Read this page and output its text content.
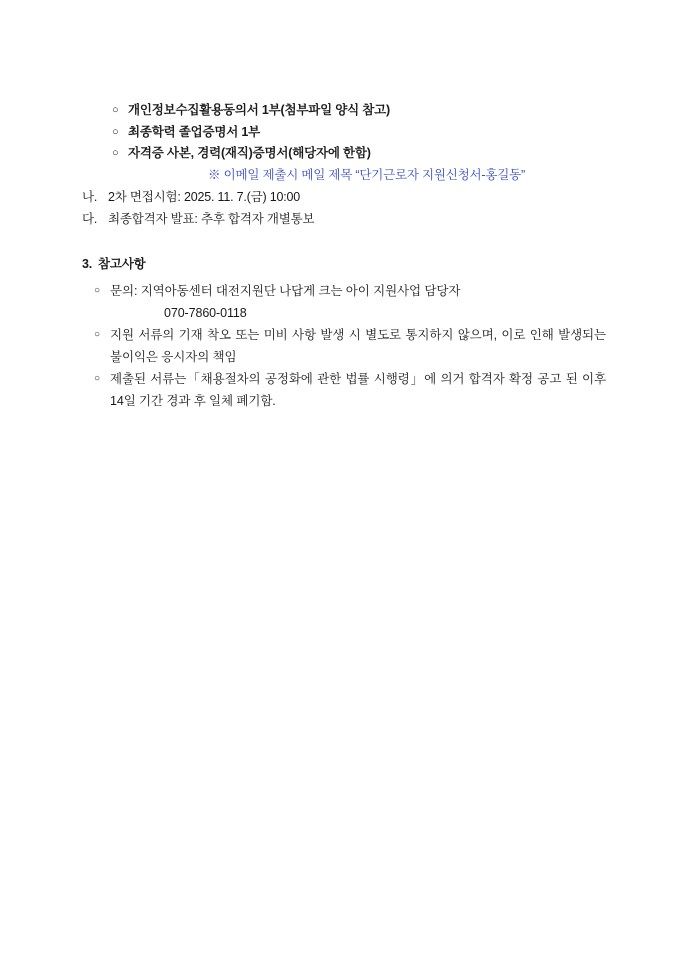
○ 개인정보수집활용동의서 1부(첨부파일 양식 참고)
○ 최종학력 졸업증명서 1부
○ 자격증 사본, 경력(재직)증명서(해당자에 한함)
※ 이메일 제출시 메일 제목 “단기근로자 지원신청서-홍길동”
나. 2차 면접시험: 2025. 11. 7.(금) 10:00
다. 최종합격자 발표: 추후 합격자 개별통보
3. 참고사항
○ 문의: 지역아동센터 대전지원단 나답게 크는 아이 지원사업 담당자
070-7860-0118
○ 지원 서류의 기재 착오 또는 미비 사항 발생 시 별도로 통지하지 않으며, 이로 인해 발생되는 불이익은 응시자의 책임
○ 제출된 서류는「채용절차의 공정화에 관한 법률 시행령」에 의거 합격자 확정 공고 된 이후 14일 기간 경과 후 일체 폐기함.
